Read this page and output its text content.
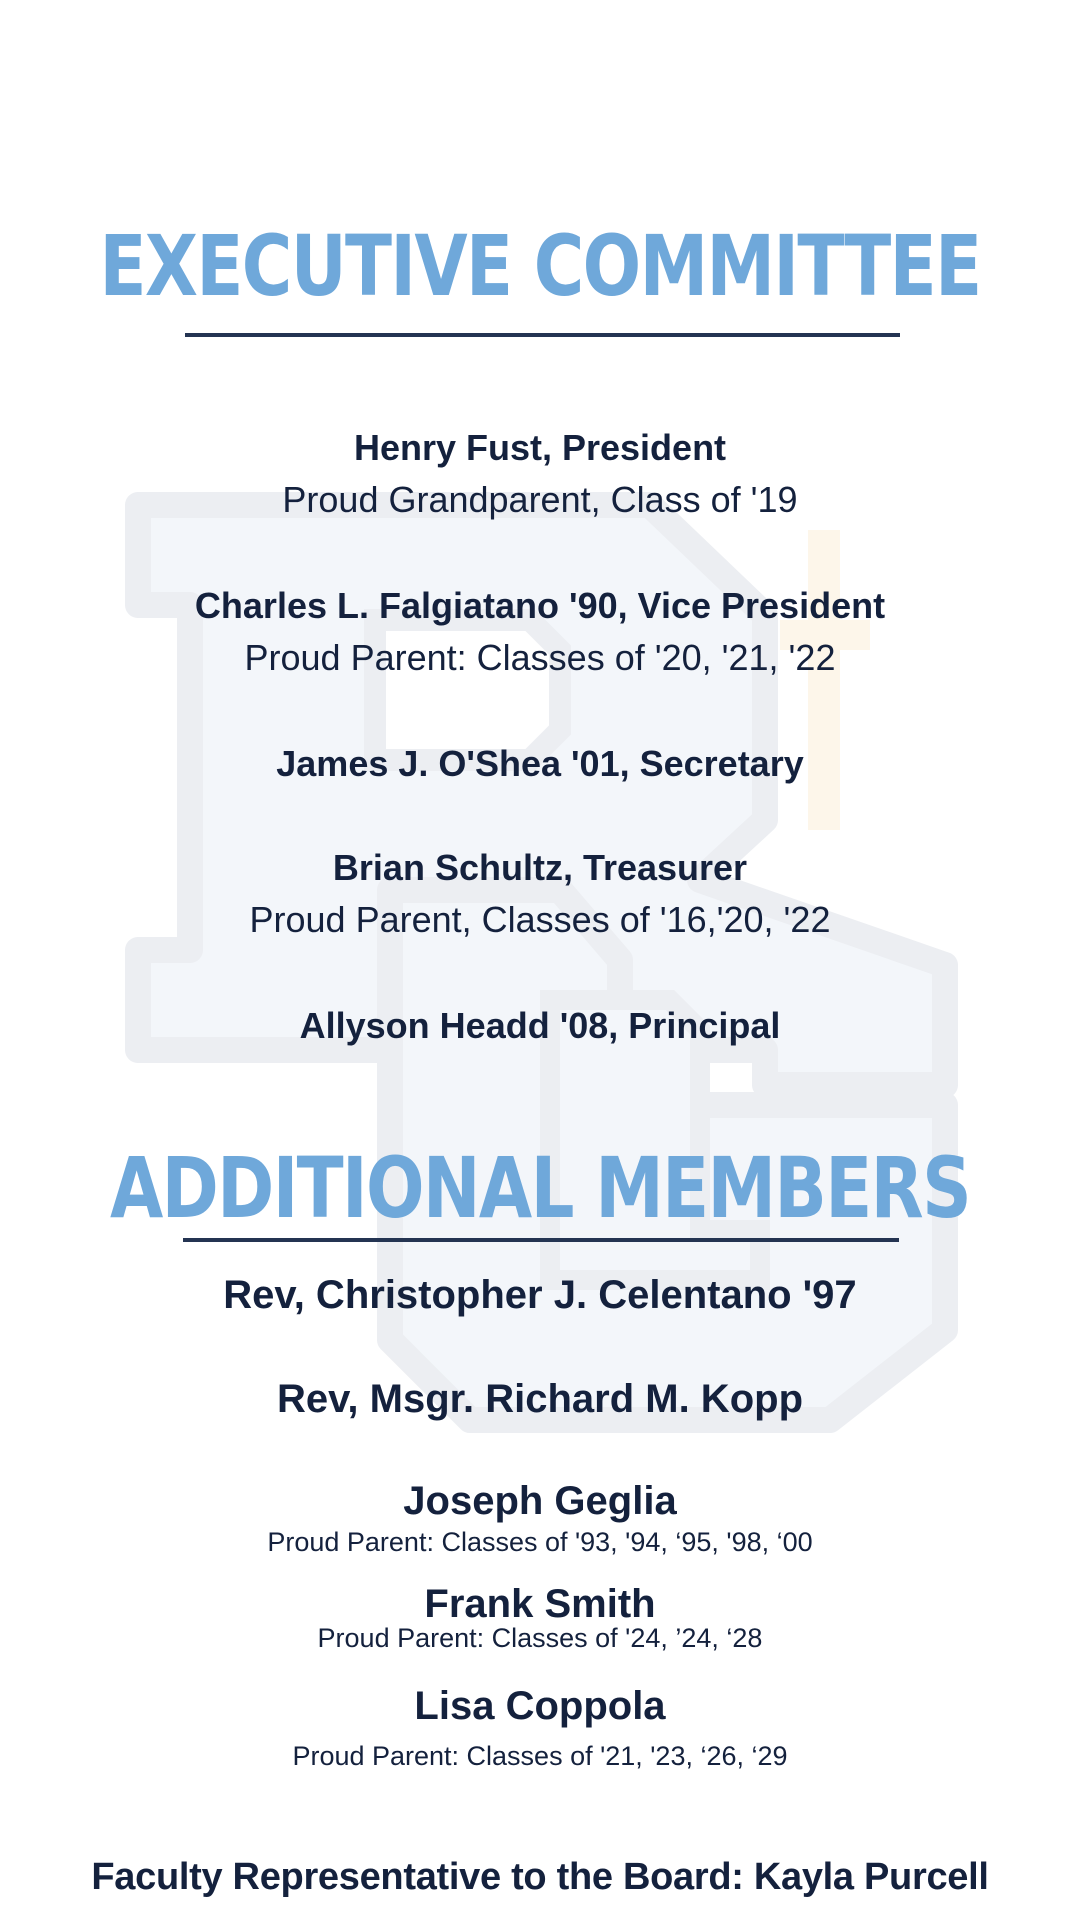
EXECUTIVE COMMITTEE
Henry Fust, President
Proud Grandparent, Class of '19
Charles L. Falgiatano '90, Vice President
Proud Parent: Classes of '20, '21, '22
James J. O'Shea '01, Secretary
Brian Schultz, Treasurer
Proud Parent, Classes of '16,'20, '22
Allyson Headd '08, Principal
ADDITIONAL MEMBERS
Rev, Christopher J. Celentano '97
Rev, Msgr. Richard M. Kopp
Joseph Geglia
Proud Parent: Classes of '93, '94, ‘95, '98, ‘00
Frank Smith
Proud Parent: Classes of '24, ’24, ‘28
Lisa Coppola
Proud Parent: Classes of '21, '23, ‘26, ‘29
Faculty Representative to the Board: Kayla Purcell
